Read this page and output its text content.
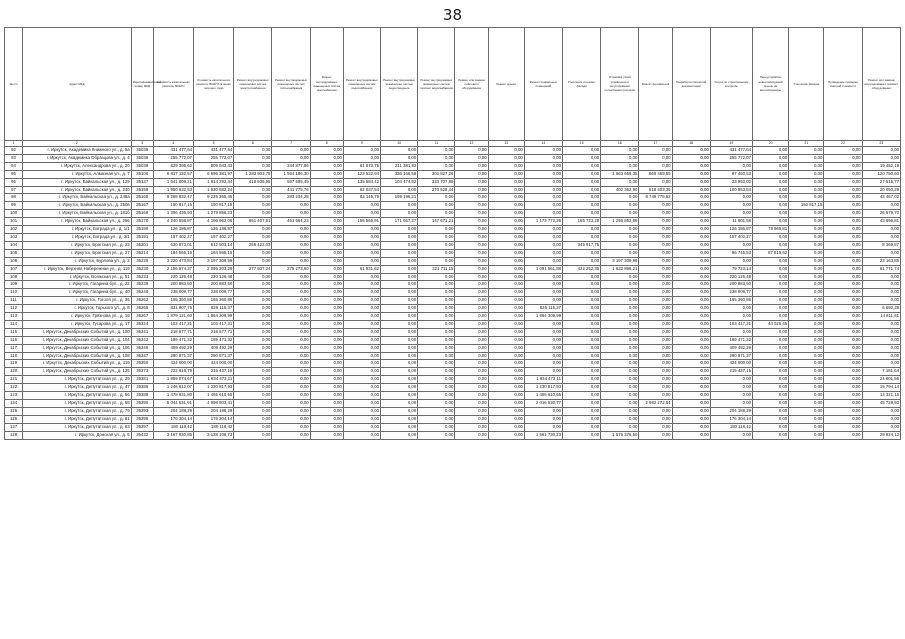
38
№ п/п	Адрес МКД	Идентификационный номер МКД	Стоимость капитального ремонта, ВСЕГО	Стоимость капитального ремонта, ВСЕГО (в ценах текущего года)	Ремонт внутридомовых инженерных систем электроснабжения	Ремонт внутридомовых инженерных систем теплоснабжения	Ремонт внутридомовых инженерных систем газоснабжения	Ремонт внутридомовых инженерных систем водоснабжения	Ремонт внутридомовых инженерных систем водоотведения	Ремонт внутридомовых инженерных систем горячего водоснабжения	Ремонт или замена лифтового оборудования	Ремонт крыши	Ремонт подвальных помещений	Утепление и ремонт фасада	Установка узлов управления и регулирования потребления ресурсов	Ремонт фундамента	Разработка проектной документации	Услуги по строительному контролю	Переустройство невентилируемой крыши на вентилируемую	Утепление фасада	Проведение проверки сметной стоимости	Ремонт или замена внутридомового газового оборудования
1	2	3	4	5	6	7	8	9	10	11	12	13	14	15	16	17	18	19	20	21	22	23
92	г. Иркутск, Академика Книжного ул., д. 5а	35035	431 477,64	431 477,64	0,00	0,00	0,00	0,00	0,00	0,00	0,00	0,00	0,00	0,00	0,00	0,00	0,00	431 477,64	0,00	0,00	0,00	0,00
93	г. Иркутск, Академика Образцова ул., д. 4	35036	255 772,07	255 772,07	0,00	0,00	0,00	0,00	0,00	0,00	0,00	0,00	0,00	0,00	0,00	0,00	0,00	255 772,07	0,00	0,00	0,00	0,00
94	г. Иркутск, Александрова ул., д. 20	35038	829 395,62	809 943,43	0,00	344 877,86	0,00	61 873,75	211 381,82	0,00	0,00	0,00	0,00	0,00	0,00	0,00	0,00	0,00	0,00	0,00	0,00	19 452,19
95	г. Иркутск, Алмазная ул., д. 7	35106	6 817 132,57	6 696 381,97	1 283 903,75	1 564 186,30	0,00	123 532,94	336 166,58	302 827,26	0,00	0,00	0,00	0,00	1 663 669,35	869 469,55	0,00	87 460,53	0,00	0,00	0,00	120 750,60
96	г. Иркутск, Байкальская ул., д. 129	35137	1 641 809,21	1 614 292,44	418 936,95	597 595,49	0,00	135 584,42	104 474,92	333 707,89	0,00	0,00	0,00	0,00	0,00	0,00	0,00	23 993,02	0,00	0,00	0,00	27 516,77
97	г. Иркутск, Байкальская ул., д. 240	35159	1 950 632,53	1 930 582,24	0,00	441 775,76	0,00	82 037,54	0,00	270 528,44	0,00	0,00	0,00	0,00	402 352,90	618 403,36	0,00	100 853,54	0,00	0,00	0,00	20 050,29
98	г. Иркутск, Байкальская ул., д. 248а	35165	9 268 832,47	9 225 365,45	0,00	283 234,28	0,00	83 145,79	159 196,21	0,00	0,00	0,00	0,00	0,00	0,00	8 749 775,62	0,00	0,00	0,00	0,00	0,00	43 467,02
99	г. Иркутск, Байкальская ул., д. 250в	35167	150 817,15	150 817,15	0,00	0,00	0,00	0,00	0,00	0,00	0,00	0,00	0,00	0,00	0,00	0,00	0,00	0,00	0,00	150 817,15	0,00	0,00
100	г. Иркутск, Байкальская ул., д. 181б	35168	1 306 435,93	1 279 856,23	0,00	0,00	0,00	0,00	0,00	0,00	0,00	0,00	0,00	0,00	0,00	0,00	0,00	0,00	0,00	0,00	0,00	26 579,70
101	г. Иркутск, Байкальская ул., д. 256	35170	4 240 658,87	4 196 962,06	651 407,51	461 564,23	0,00	156 565,91	171 657,37	147 671,21	0,00	0,00	1 173 772,36	165 723,28	1 256 852,89	0,00	0,00	11 801,58	0,00	0,00	0,00	43 696,81
102	г. Иркутск, Бограда ул., д. 1/1	35190	126 186,87	126 186,87	0,00	0,00	0,00	0,00	0,00	0,00	0,00	0,00	0,00	0,00	0,00	0,00	0,00	126 186,87	78 965,81	0,00	0,00	0,00
103	г. Иркутск, Бограда ул., д. 3/1	35191	157 402,27	157 402,27	0,00	0,00	0,00	0,00	0,00	0,00	0,00	0,00	0,00	0,00	0,00	0,00	0,00	157 402,27	0,00	0,00	0,00	0,00
104	г. Иркутск, Братская ул., д. 23	35201	620 873,01	612 503,14	266 422,03	0,00	0,00	0,00	0,00	0,00	0,00	0,00	0,00	345 917,75	0,00	0,00	0,00	0,00	0,00	0,00	0,00	8 369,87
105	г. Иркутск, Братская ул., д. 27	35214	184 565,15	184 565,15	0,00	0,00	0,00	0,00	0,00	0,00	0,00	0,00	0,00	0,00	0,00	0,00	0,00	96 745,53	87 819,62	0,00	0,00	0,00
106	г. Иркутск, Бурлова ул., д. 2	35229	3 220 473,84	3 197 309,99	0,00	0,00	0,00	0,00	0,00	0,00	0,00	0,00	0,00	0,00	3 197 309,99	0,00	0,00	0,00	0,00	0,00	0,00	23 163,85
107	г. Иркутск, Верхняя Набережная ул., д. 119	35230	2 156 974,37	2 095 203,29	277 937,24	275 273,60	0,00	61 931,62	0,00	221 711,15	0,00	0,00	1 091 561,88	422 252,35	1 632 898,21	0,00	0,00	79 723,14	0,00	0,00	0,00	61 771,74
108	г. Иркутск, Волжская ул., д. 51	35233	220 126,48	220 126,48	0,00	0,00	0,00	0,00	0,00	0,00	0,00	0,00	0,00	0,00	0,00	0,00	0,00	220 126,48	0,00	0,00	0,00	0,00
109	г. Иркутск, Гагарина бул., д. 22	35239	200 883,50	200 883,50	0,00	0,00	0,00	0,00	0,00	0,00	0,00	0,00	0,00	0,00	0,00	0,00	0,00	200 883,50	0,00	0,00	0,00	0,00
110	г. Иркутск, Гагарина бул., д. 40	35240	238 009,77	238 009,77	0,00	0,00	0,00	0,00	0,00	0,00	0,00	0,00	0,00	0,00	0,00	0,00	0,00	238 009,77	0,00	0,00	0,00	0,00
111	г. Иркутск, Гоголя ул., д. 35	35262	165 360,86	165 360,86	0,00	0,00	0,00	0,00	0,00	0,00	0,00	0,00	0,00	0,00	0,00	0,00	0,00	165 360,86	0,00	0,00	0,00	0,00
112	г. Иркутск, Горького ул., д. 8	35265	831 807,75	825 115,37	0,00	0,00	0,00	0,00	0,00	0,00	0,00	0,00	825 115,37	0,00	0,00	0,00	0,00	0,00	0,00	0,00	0,00	6 692,38
113	г. Иркутск, Грязнова ул., д. 19	35267	1 879 121,60	1 864 309,99	0,00	0,00	0,00	0,00	0,00	0,00	0,00	0,00	1 864 309,99	0,00	0,00	0,00	0,00	0,00	0,00	0,00	0,00	14 811,61
114	г. Иркутск, Гусарова ул., д. 17	35324	103 417,31	103 417,31	0,00	0,00	0,00	0,00	0,00	0,00	0,00	0,00	0,00	0,00	0,00	0,00	0,00	103 417,31	44 025,45	0,00	0,00	0,00
115	г. Иркутск, Декабрьских Событий ул., д. 100	35341	218 677,71	218 677,71	0,00	0,00	0,00	0,00	0,00	0,00	0,00	0,00	0,00	0,00	0,00	0,00	0,00	0,00	0,00	0,00	0,00	0,00
116	г. Иркутск, Декабрьских Событий ул., д. 104	35342	189 471,32	189 471,32	0,00	0,00	0,00	0,00	0,00	0,00	0,00	0,00	0,00	0,00	0,00	0,00	0,00	189 471,32	0,00	0,00	0,00	0,00
117	г. Иркутск, Декабрьских Событий ул., д. 106	35346	409 492,29	409 492,29	0,00	0,00	0,00	0,00	0,00	0,00	0,00	0,00	0,00	0,00	0,00	0,00	0,00	409 492,29	0,00	0,00	0,00	0,00
118	г. Иркутск, Декабрьских Событий ул., д. 108	35347	290 871,37	290 871,37	0,00	0,00	0,00	0,00	0,00	0,00	0,00	0,00	0,00	0,00	0,00	0,00	0,00	290 871,37	0,00	0,00	0,00	0,00
119	г. Иркутск, Декабрьских Событий ул., д. 119	35350	424 000,00	424 000,00	0,00	0,00	0,00	0,00	0,00	0,00	0,00	0,00	0,00	0,00	0,00	0,00	0,00	424 000,00	0,00	0,00	0,00	0,00
120	г. Иркутск, Декабрьских Событий ул., д. 125	35373	222 618,79	215 437,15	0,00	0,00	0,00	0,00	0,00	0,00	0,00	0,00	0,00	0,00	0,00	0,00	0,00	215 437,15	0,00	0,00	0,00	7 181,64
121	г. Иркутск, Депутатская ул., д. 29	35381	1 859 074,67	1 834 473,11	0,00	0,00	0,00	0,00	0,00	0,00	0,00	0,00	1 834 473,11	0,00	0,00	0,00	0,00	0,00	0,00	0,00	0,00	24 601,56
122	г. Иркутск, Депутатская ул., д. 47	35386	1 246 612,07	1 230 817,93	0,00	0,00	0,00	0,00	0,00	0,00	0,00	0,00	1 230 817,93	0,00	0,00	0,00	0,00	0,00	0,00	0,00	0,00	15 794,14
123	г. Иркутск, Депутатская ул., д. 56	35388	1 478 931,80	1 465 610,65	0,00	0,00	0,00	0,00	0,00	0,00	0,00	0,00	1 465 610,65	0,00	0,00	0,00	0,00	0,00	0,00	0,00	0,00	13 321,15
124	г. Иркутск, Депутатская ул., д. 58	35390	5 044 531,91	4 998 803,41	0,00	0,00	0,00	0,00	0,00	0,00	0,00	0,00	2 016 530,77	0,00	0,00	2 982 272,64	0,00	0,00	0,00	0,00	0,00	45 728,50
125	г. Иркутск, Депутатская ул., д. 79	35393	204 188,29	204 188,29	0,00	0,00	0,00	0,00	0,00	0,00	0,00	0,00	0,00	0,00	0,00	0,00	0,00	204 188,29	0,00	0,00	0,00	0,00
126	г. Иркутск, Депутатская ул., д. 81	35395	176 304,14	176 304,14	0,00	0,00	0,00	0,00	0,00	0,00	0,00	0,00	0,00	0,00	0,00	0,00	0,00	176 304,14	0,00	0,00	0,00	0,00
127	г. Иркутск, Депутатская ул., д. 83	35397	180 118,42	180 118,42	0,00	0,00	0,00	0,00	0,00	0,00	0,00	0,00	0,00	0,00	0,00	0,00	0,00	180 118,42	0,00	0,00	0,00	0,00
128	г. Иркутск, Донская ул., д. 5	35432	3 167 930,85	3 138 106,73	0,00	0,00	0,00	0,00	0,00	0,00	0,00	0,00	1 561 730,23	0,00	1 576 376,50	0,00	0,00	0,00	0,00	0,00	0,00	29 824,12
